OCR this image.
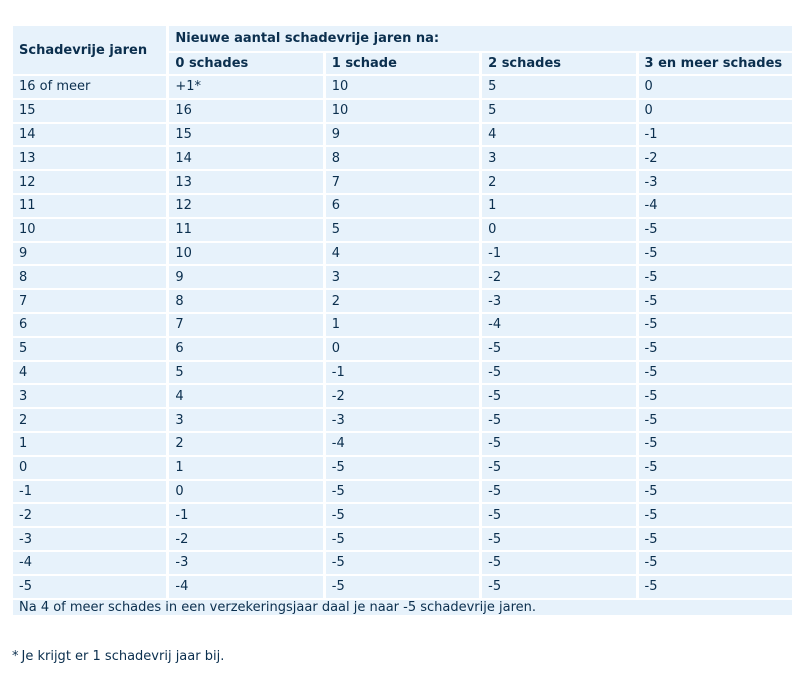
Schadevrije jaren	Nieuwe aantal schadevrije jaren na:			
	0 schades	1 schade	2 schades	3 en meer schades
16 of meer	+1*	10	5	0
15	16	10	5	0
14	15	9	4	-1
13	14	8	3	-2
12	13	7	2	-3
11	12	6	1	-4
10	11	5	0	-5
9	10	4	-1	-5
8	9	3	-2	-5
7	8	2	-3	-5
6	7	1	-4	-5
5	6	0	-5	-5
4	5	-1	-5	-5
3	4	-2	-5	-5
2	3	-3	-5	-5
1	2	-4	-5	-5
0	1	-5	-5	-5
-1	0	-5	-5	-5
-2	-1	-5	-5	-5
-3	-2	-5	-5	-5
-4	-3	-5	-5	-5
-5	-4	-5	-5	-5
Na 4 of meer schades in een verzekeringsjaar daal je naar -5 schadevrije jaren.				
* Je krijgt er 1 schadevrij jaar bij.
